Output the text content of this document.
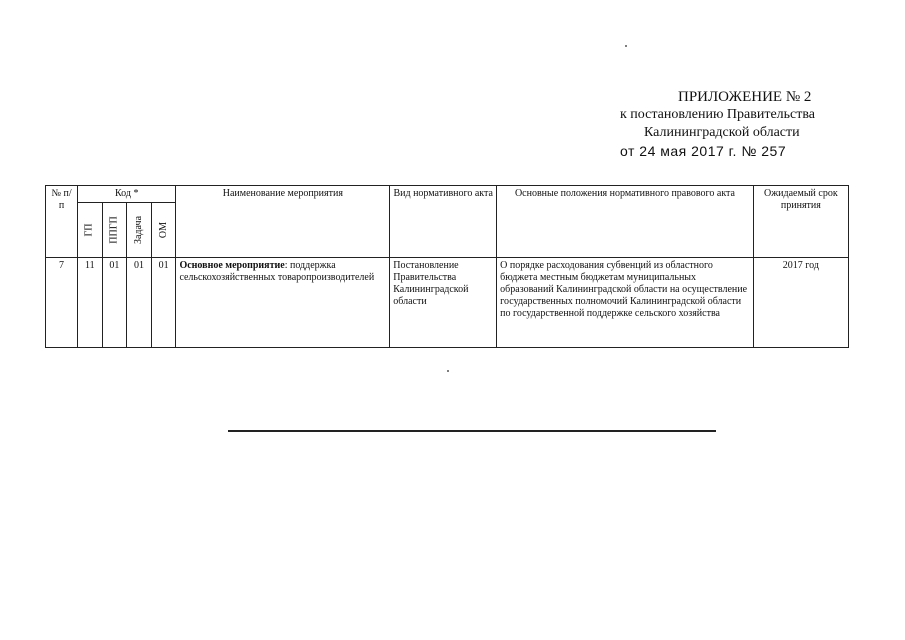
ПРИЛОЖЕНИЕ № 2
к постановлению Правительства
Калининградской области
от 24 мая 2017 г. № 257
№ п/п	Код *				Наименование мероприятия	Вид нормативного акта	Основные положения нормативного правового акта	Ожидаемый срок принятия

	ГП	ППГП	Задача	ОМ				

7	11	01	01	01	Основное мероприятие: поддержка сельскохозяйственных товаропроизводителей	Постановление Правительства Калининградской области	О порядке расходования субвенций из областного бюджета местным бюджетам муниципальных образований Калининградской области на осуществление государственных полномочий Калининградской области по государственной поддержке сельского хозяйства	2017 год
